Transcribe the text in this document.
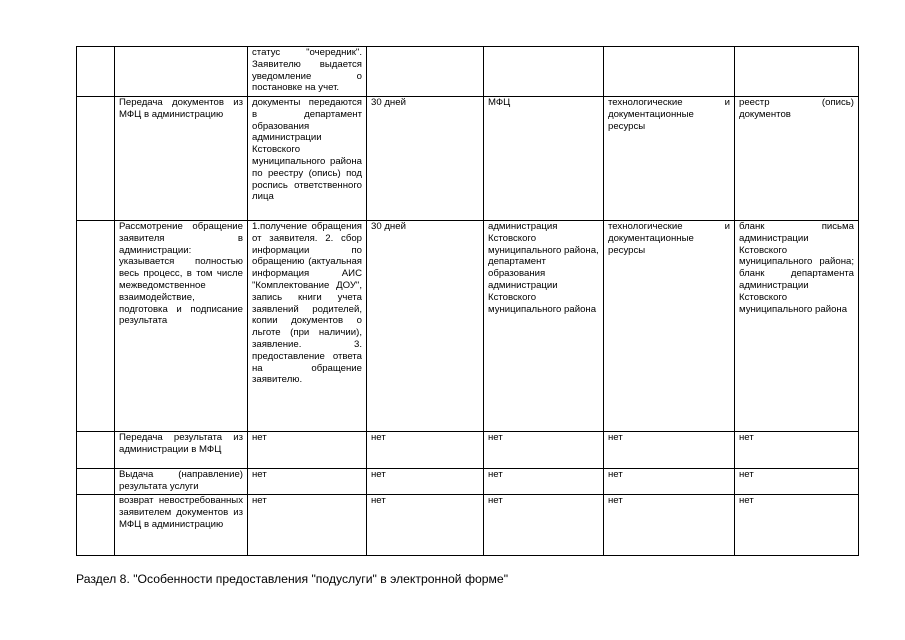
		статус "очередник". Заявителю выдается уведомление о постановке на учет.				

	Передача документов из МФЦ в администрацию	документы передаются в департамент образования администрации Кстовского муниципального района по реестру (опись) под роспись ответственного лица	30 дней	МФЦ	технологические и документационные ресурсы	реестр (опись) документов

	Рассмотрение обращение заявителя в администрации: указывается полностью весь процесс, в том числе межведомственное взаимодействие, подготовка и подписание результата	1.получение обращения от заявителя. 2. сбор информации по обращению (актуальная информация АИС "Комплектование ДОУ", запись книги учета заявлений родителей, копии документов о льготе (при наличии), заявление. 3. предоставление ответа на обращение заявителю.	30 дней	администрация Кстовского муниципального района, департамент образования администрации Кстовского муниципального района	технологические и документационные ресурсы	бланк письма администрации Кстовского муниципального района; бланк департамента администрации Кстовского муниципального района

	Передача результата из администрации в МФЦ	нет	нет	нет	нет	нет

	Выдача (направление) результата услуги	нет	нет	нет	нет	нет

	возврат невостребованных заявителем документов из МФЦ в администрацию	нет	нет	нет	нет	нет
Раздел 8. "Особенности предоставления "подуслуги" в электронной форме"
